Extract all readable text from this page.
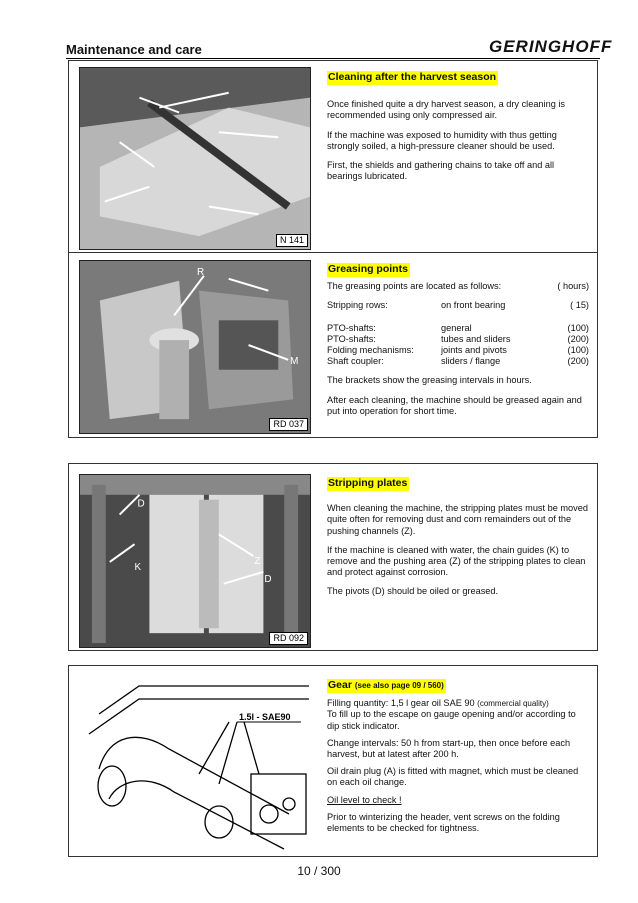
Maintenance and care	GERINGHOFF
N 141
Cleaning after the harvest season

Once finished quite a dry harvest season, a dry cleaning is recommended using only compressed air.

If the machine was exposed to humidity with thus getting strongly soiled, a high-pressure cleaner should be used.

First, the shields and gathering chains to take off and all bearings lubricated.

R
M
RD 037
Greasing points
The greasing points are located as follows:	( hours)
Stripping rows:	on front bearing	( 15)
PTO-shafts:	general	(100)
PTO-shafts:	tubes and sliders	(200)
Folding mechanisms:	joints and pivots	(100)
Shaft coupler:	sliders / flange	(200)

The brackets show the greasing intervals in hours.

After each cleaning, the machine should be greased again and put into operation for short time.

D
K
Z
D
RD 092
Stripping plates

When cleaning the machine, the stripping plates must be moved quite often for removing dust and corn remainders out of the pushing channels (Z).

If the machine is cleaned with water, the chain guides (K) to remove and the pushing area (Z) of the stripping plates to clean and protect against corrosion.

The pivots (D) should be oiled or greased.

1.5l - SAE90
Gear (see also page 09 / 560)

Filling quantity: 1,5 l gear oil SAE 90 (commercial quality)
To fill up to the escape on gauge opening and/or according to dip stick indicator.

Change intervals: 50 h from start-up, then once before each harvest, but at latest after 200 h.

Oil drain plug (A) is fitted with magnet, which must be cleaned on each oil change.

Oil level to check !

Prior to winterizing the header, vent screws on the folding elements to be checked for tightness.

10 / 300
